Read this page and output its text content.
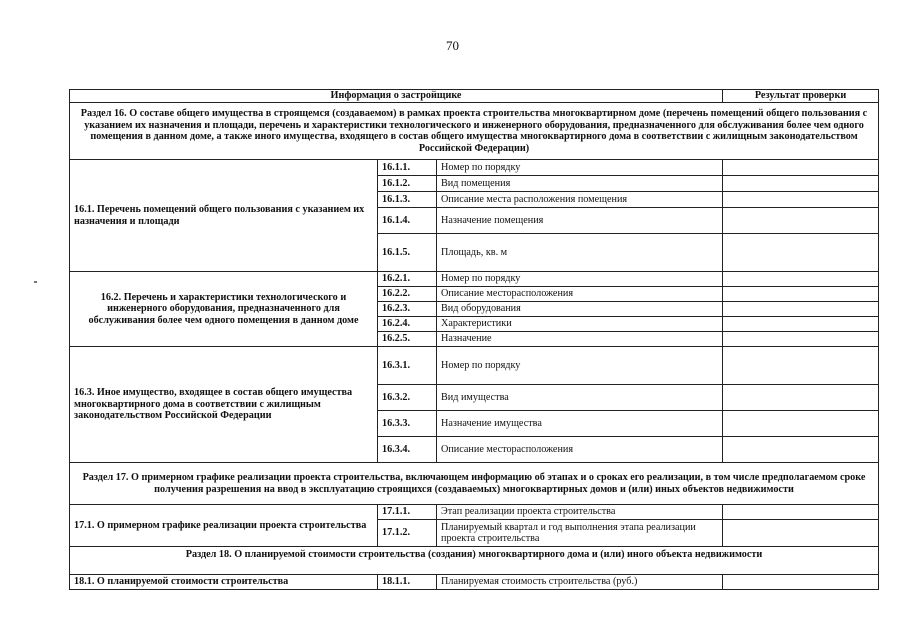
70
Информация о застройщике			Результат проверки
Раздел 16. О составе общего имущества в строящемся (создаваемом) в рамках проекта строительства многоквартирном доме (перечень помещений общего пользования с указанием их назначения и площади, перечень и характеристики технологического и инженерного оборудования, предназначенного для обслуживания более чем одного помещения в данном доме, а также иного имущества, входящего в состав общего имущества многоквартирного дома в соответствии с жилищным законодательством Российской Федерации)			
16.1. Перечень помещений общего пользования с указанием их назначения и площади	16.1.1.	Номер по порядку	
	16.1.2.	Вид помещения	
	16.1.3.	Описание места расположения помещения	
	16.1.4.	Назначение помещения	
	16.1.5.	Площадь, кв. м	
16.2. Перечень и характеристики технологического и инженерного оборудования, предназначенного для обслуживания более чем одного помещения в данном доме	16.2.1.	Номер по порядку	
	16.2.2.	Описание месторасположения	
	16.2.3.	Вид оборудования	
	16.2.4.	Характеристики	
	16.2.5.	Назначение	
16.3. Иное имущество, входящее в состав общего имущества многоквартирного дома в соответствии с жилищным законодательством Российской Федерации	16.3.1.	Номер по порядку	
	16.3.2.	Вид имущества	
	16.3.3.	Назначение имущества	
	16.3.4.	Описание месторасположения	
Раздел 17. О примерном графике реализации проекта строительства, включающем информацию об этапах и о сроках его реализации, в том числе предполагаемом сроке получения разрешения на ввод в эксплуатацию строящихся (создаваемых) многоквартирных домов и (или) иных объектов недвижимости			
17.1. О примерном графике реализации проекта строительства	17.1.1.	Этап реализации проекта строительства	
	17.1.2.	Планируемый квартал и год выполнения этапа реализации проекта строительства	
Раздел 18. О планируемой стоимости строительства (создания) многоквартирного дома и (или) иного объекта недвижимости			
18.1. О планируемой стоимости строительства	18.1.1.	Планируемая стоимость строительства (руб.)	
